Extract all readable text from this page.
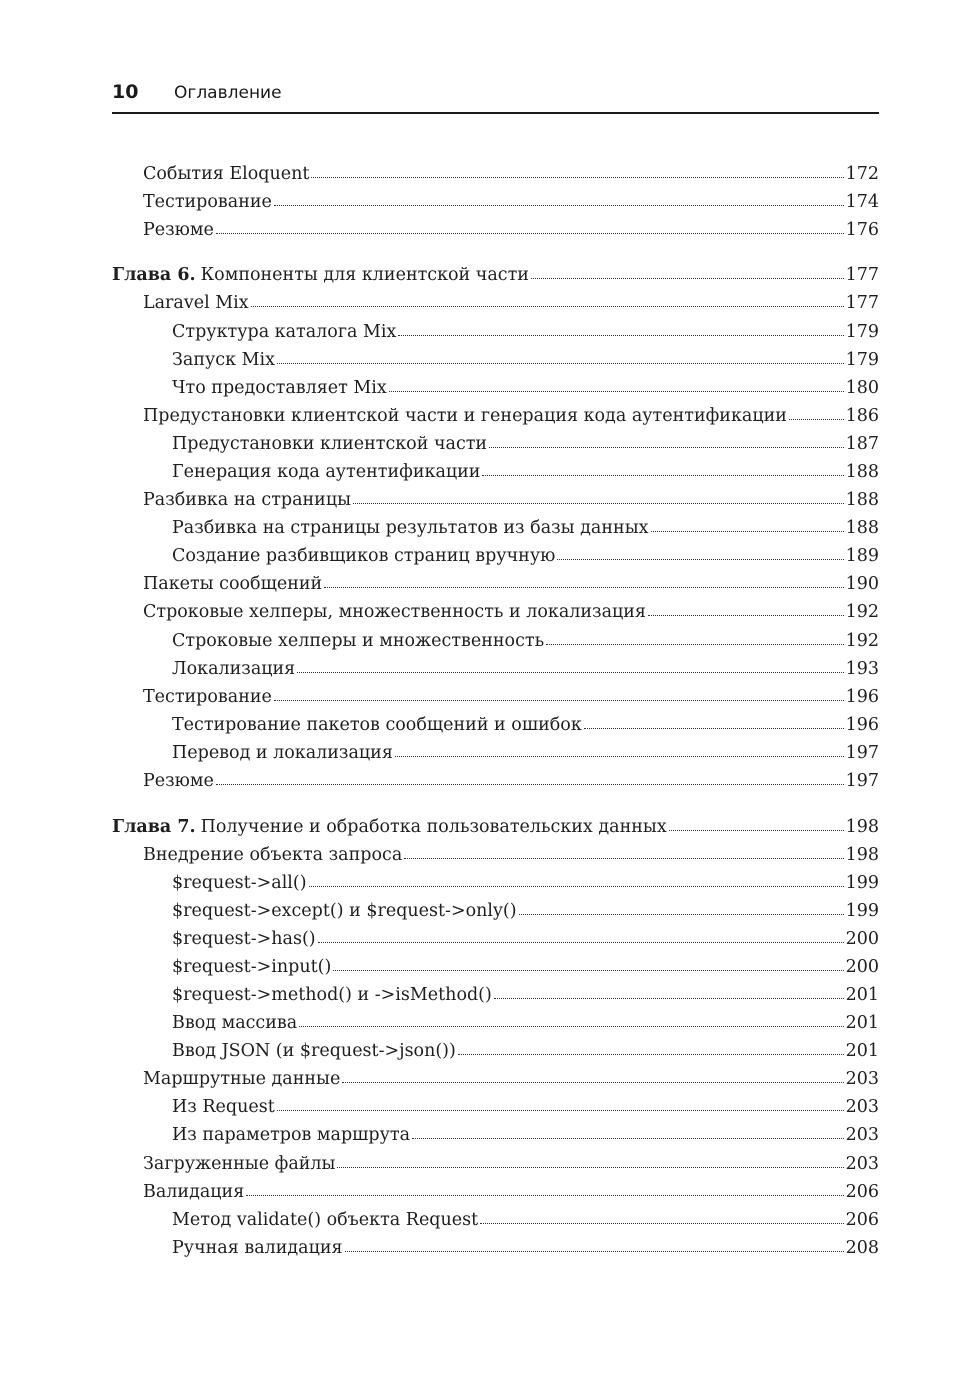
10 Оглавление
События Eloquent	172
Тестирование	174
Резюме	176
Глава 6. Компоненты для клиентской части	177
Laravel Mix	177
Структура каталога Mix	179
Запуск Mix	179
Что предоставляет Mix	180
Предустановки клиентской части и генерация кода аутентификации	186
Предустановки клиентской части	187
Генерация кода аутентификации	188
Разбивка на страницы	188
Разбивка на страницы результатов из базы данных	188
Создание разбивщиков страниц вручную	189
Пакеты сообщений	190
Строковые хелперы, множественность и локализация	192
Строковые хелперы и множественность	192
Локализация	193
Тестирование	196
Тестирование пакетов сообщений и ошибок	196
Перевод и локализация	197
Резюме	197
Глава 7. Получение и обработка пользовательских данных	198
Внедрение объекта запроса	198
$request->all()	199
$request->except() и $request->only()	199
$request->has()	200
$request->input()	200
$request->method() и ->isMethod()	201
Ввод массива	201
Ввод JSON (и $request->json())	201
Маршрутные данные	203
Из Request	203
Из параметров маршрута	203
Загруженные файлы	203
Валидация	206
Метод validate() объекта Request	206
Ручная валидация	208
